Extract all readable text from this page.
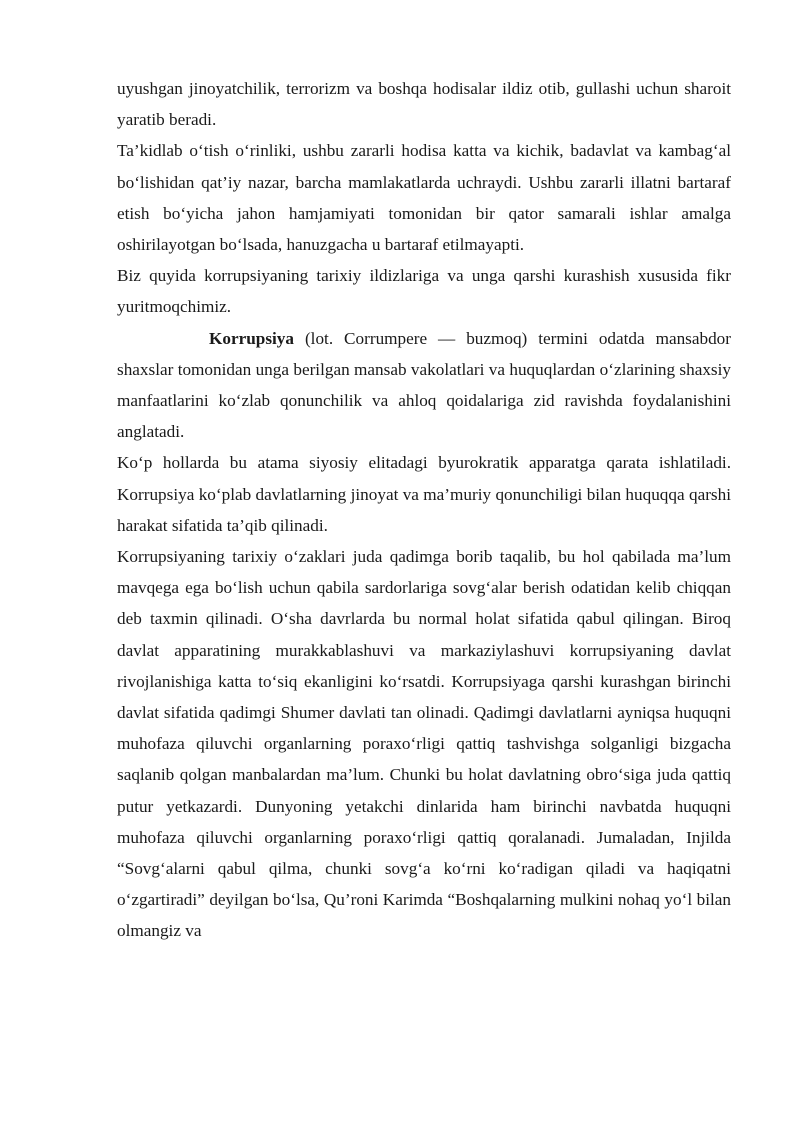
uyushgan jinoyatchilik, terrorizm va boshqa hodisalar ildiz otib, gullashi uchun sharoit yaratib beradi.

Ta’kidlab o‘tish o‘rinliki, ushbu zararli hodisa katta va kichik, badavlat va kambag‘al bo‘lishidan qat’iy nazar, barcha mamlakatlarda uchraydi. Ushbu zararli illatni bartaraf etish bo‘yicha jahon hamjamiyati tomonidan bir qator samarali ishlar amalga oshirilayotgan bo‘lsada, hanuzgacha u bartaraf etilmayapti.

Biz quyida korrupsiyaning tarixiy ildizlariga va unga qarshi kurashish xususida fikr yuritmoqchimiz.

Korrupsiya (lot. Corrumpere — buzmoq) termini odatda mansabdor shaxslar tomonidan unga berilgan mansab vakolatlari va huquqlardan o‘zlarining shaxsiy manfaatlarini ko‘zlab qonunchilik va ahloq qoidalariga zid ravishda foydalanishini anglatadi.

Ko‘p hollarda bu atama siyosiy elitadagi byurokratik apparatga qarata ishlatiladi. Korrupsiya ko‘plab davlatlarning jinoyat va ma’muriy qonunchiligi bilan huquqqa qarshi harakat sifatida ta’qib qilinadi.

Korrupsiyaning tarixiy o‘zaklari juda qadimga borib taqalib, bu hol qabilada ma’lum mavqega ega bo‘lish uchun qabila sardorlariga sovg‘alar berish odatidan kelib chiqqan deb taxmin qilinadi. O‘sha davrlarda bu normal holat sifatida qabul qilingan. Biroq davlat apparatining murakkablashuvi va markaziylashuvi korrupsiyaning davlat rivojlanishiga katta to‘siq ekanligini ko‘rsatdi. Korrupsiyaga qarshi kurashgan birinchi davlat sifatida qadimgi Shumer davlati tan olinadi. Qadimgi davlatlarni ayniqsa huquqni muhofaza qiluvchi organlarning poraxo‘rligi qattiq tashvishga solganligi bizgacha saqlanib qolgan manbalardan ma’lum. Chunki bu holat davlatning obro‘siga juda qattiq putur yetkazardi. Dunyoning yetakchi dinlarida ham birinchi navbatda huquqni muhofaza qiluvchi organlarning poraxo‘rligi qattiq qoralanadi. Jumaladan, Injilda “Sovg‘alarni qabul qilma, chunki sovg‘a ko‘rni ko‘radigan qiladi va haqiqatni o‘zgartiradi” deyilgan bo‘lsa, Qu’roni Karimda “Boshqalarning mulkini nohaq yo‘l bilan olmangiz va
